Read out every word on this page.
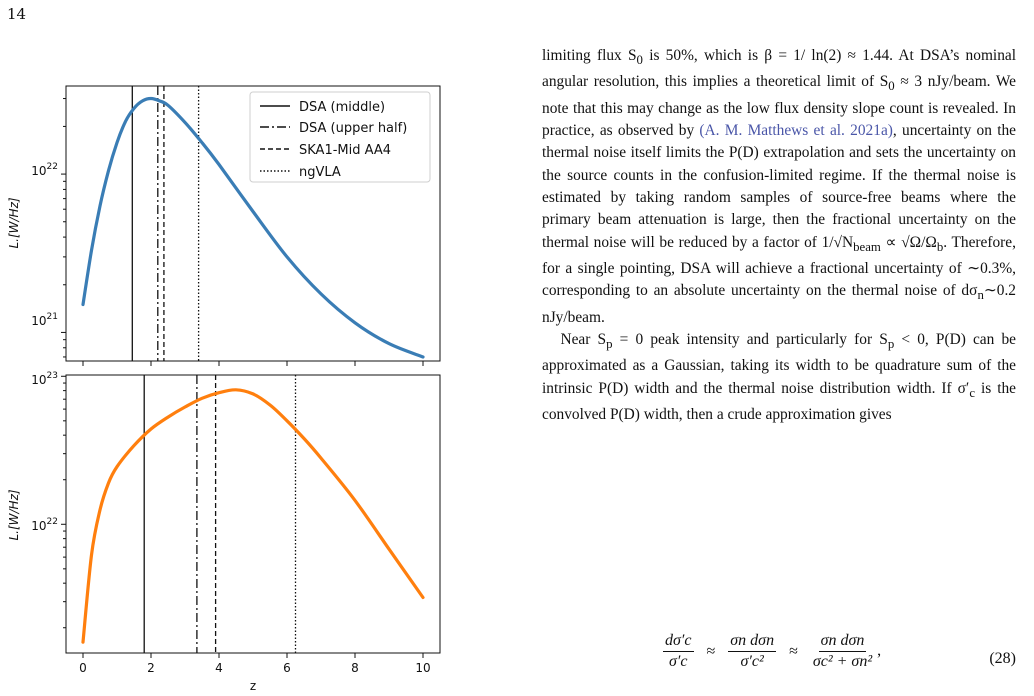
14
$10^{22}$
$10^{21}$
L.[W/Hz]
DSA (middle)
DSA (upper half)
SKA1-Mid AA4
ngVLA
$10^{23}$
$10^{22}$
L.[W/Hz]
0	2	4	6	8	10
z

limiting flux $S_0$ is 50%, which is β = 1/ ln(2) ≈ 1.44. At DSA’s nominal angular resolution, this implies a theoretical limit of $S_0 \approx 3$ nJy/beam. We note that this may change as the low flux density slope count is revealed. In practice, as observed by (A. M. Matthews et al. 2021a), uncertainty on the thermal noise itself limits the P(D) extrapolation and sets the uncertainty on the source counts in the confusion-limited regime. If the thermal noise is estimated by taking random samples of source-free beams where the primary beam attenuation is large, then the fractional uncertainty on the thermal noise will be reduced by a factor of $1/√N_{beam} \propto √\Omega/\Omega_b$. Therefore, for a single pointing, DSA will achieve a fractional uncertainty of ∼0.3%, corresponding to an absolute uncertainty on the thermal noise of $d\sigma_n\sim 0.2$ nJy/beam.

Near $S_p = 0$ peak intensity and particularly for $S_p < 0$, P(D) can be approximated as a Gaussian, taking its width to be quadrature sum of the intrinsic P(D) width and the thermal noise distribution width. If $\sigma'_c$ is the convolved P(D) width, then a crude approximation gives

$\frac{d\sigma'c}{\sigma'c} \approx \frac{\text{σn dσn}}{\text{σ′c²}} \approx \frac{\text{σn dσn}}{\text{σc² + σn²}}$ ,	(28)
